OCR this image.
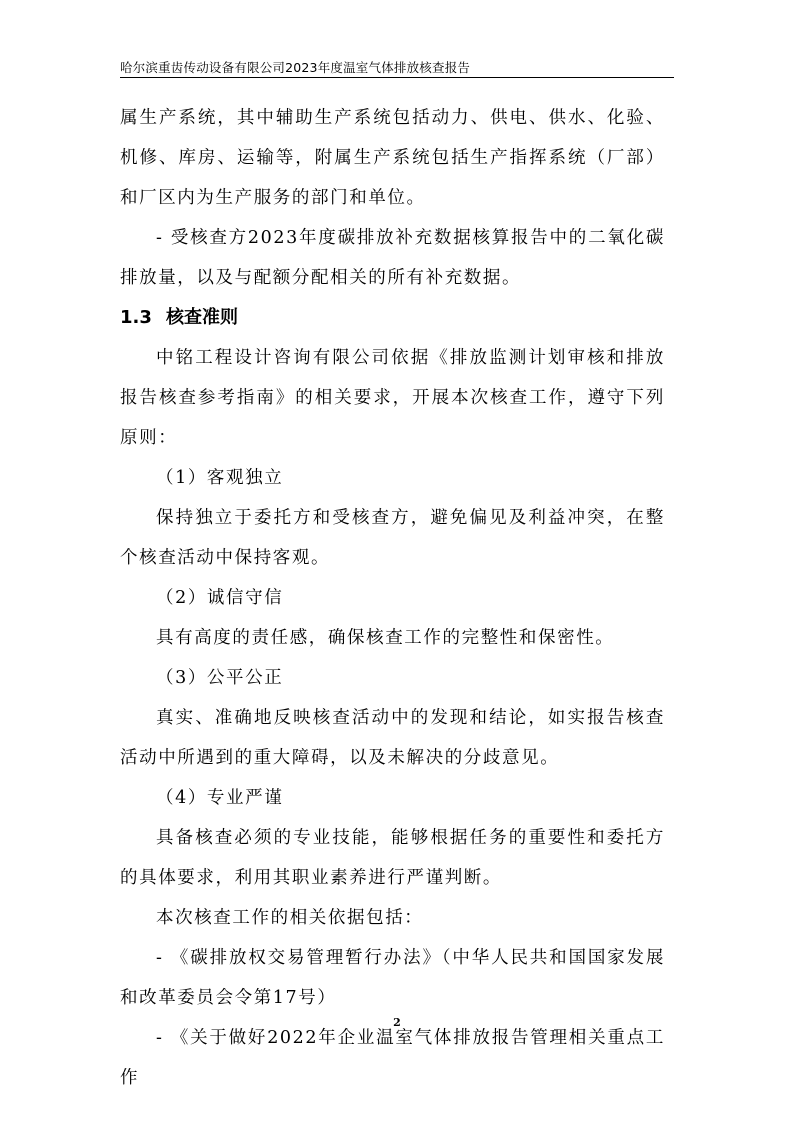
哈尔滨重齿传动设备有限公司2023年度温室气体排放核查报告

属生产系统，其中辅助生产系统包括动力、供电、供水、化验、机修、库房、运输等，附属生产系统包括生产指挥系统（厂部）和厂区内为生产服务的部门和单位。

- 受核查方2023年度碳排放补充数据核算报告中的二氧化碳排放量，以及与配额分配相关的所有补充数据。

1.3 核查准则

中铭工程设计咨询有限公司依据《排放监测计划审核和排放报告核查参考指南》的相关要求，开展本次核查工作，遵守下列原则：

（1）客观独立

保持独立于委托方和受核查方，避免偏见及利益冲突，在整个核查活动中保持客观。

（2）诚信守信

具有高度的责任感，确保核查工作的完整性和保密性。

（3）公平公正

真实、准确地反映核查活动中的发现和结论，如实报告核查活动中所遇到的重大障碍，以及未解决的分歧意见。

（4）专业严谨

具备核查必须的专业技能，能够根据任务的重要性和委托方的具体要求，利用其职业素养进行严谨判断。

本次核查工作的相关依据包括：

- 《碳排放权交易管理暂行办法》（中华人民共和国国家发展和改革委员会令第17号）

- 《关于做好2022年企业温室气体排放报告管理相关重点工作

2
